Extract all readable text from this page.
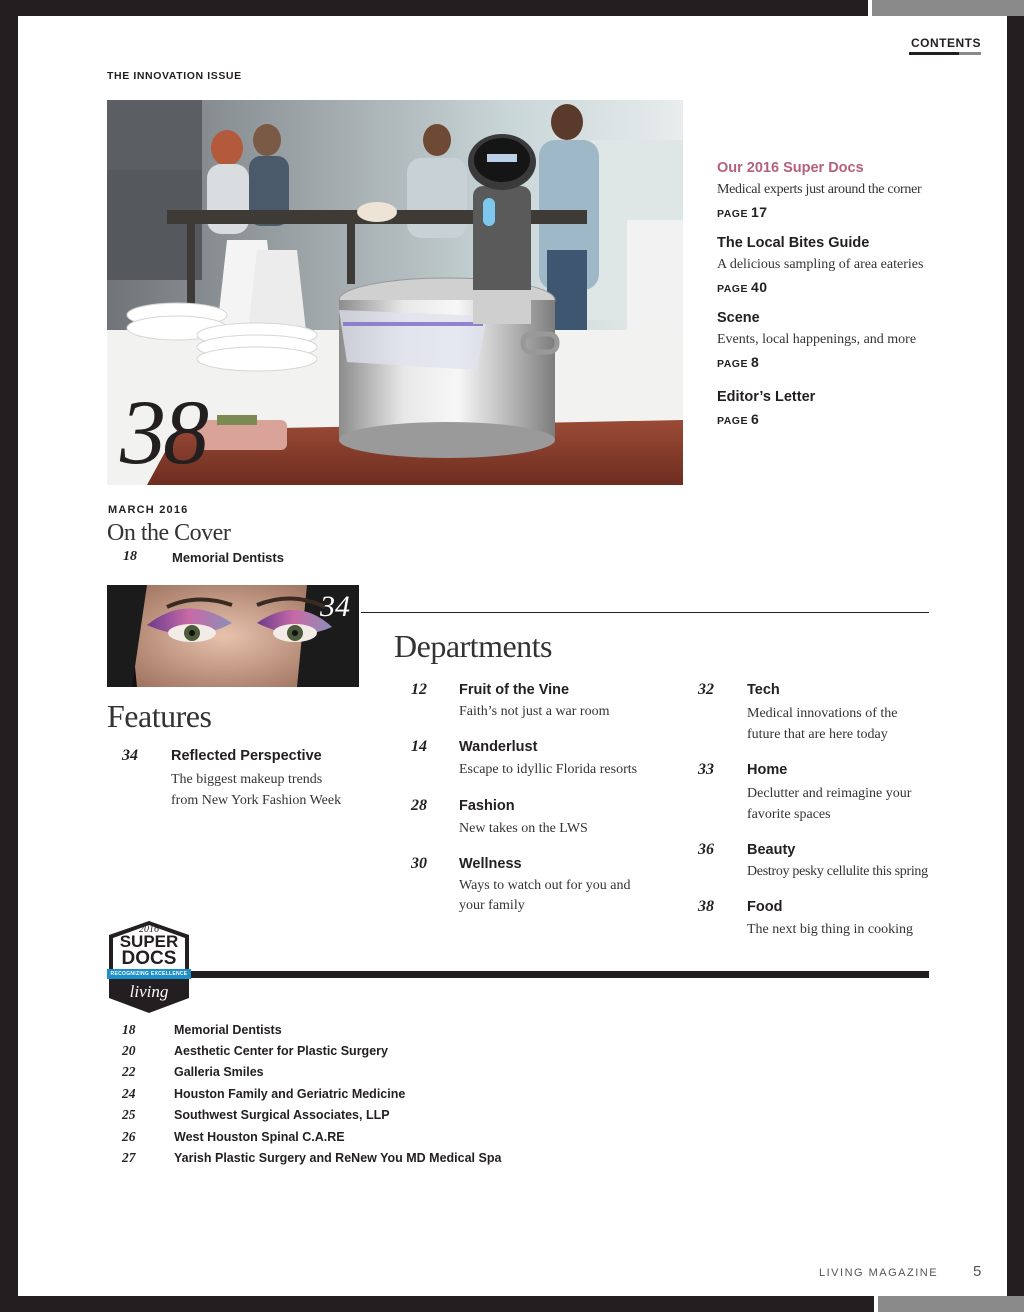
CONTENTS
THE INNOVATION ISSUE
38
Our 2016 Super Docs
Medical experts just around the corner
PAGE 17
The Local Bites Guide
A delicious sampling of area eateries
PAGE 40
Scene
Events, local happenings, and more
PAGE 8
Editor’s Letter
PAGE 6
MARCH 2016
On the Cover
18	Memorial Dentists
34
Departments
Features
34 Reflected Perspective
The biggest makeup trends
from New York Fashion Week
12 Fruit of the Vine
Faith’s not just a war room
14 Wanderlust
Escape to idyllic Florida resorts
28 Fashion
New takes on the LWS
30 Wellness
Ways to watch out for you and
your family
32 Tech
Medical innovations of the
future that are here today
33 Home
Declutter and reimagine your
favorite spaces
36 Beauty
Destroy pesky cellulite this spring
38 Food
The next big thing in cooking
2016
SUPER
DOCS
RECOGNIZING EXCELLENCE
living
18	Memorial Dentists
20	Aesthetic Center for Plastic Surgery
22	Galleria Smiles
24	Houston Family and Geriatric Medicine
25	Southwest Surgical Associates, LLP
26	West Houston Spinal C.A.RE
27	Yarish Plastic Surgery and ReNew You MD Medical Spa
LIVING MAGAZINE 5
